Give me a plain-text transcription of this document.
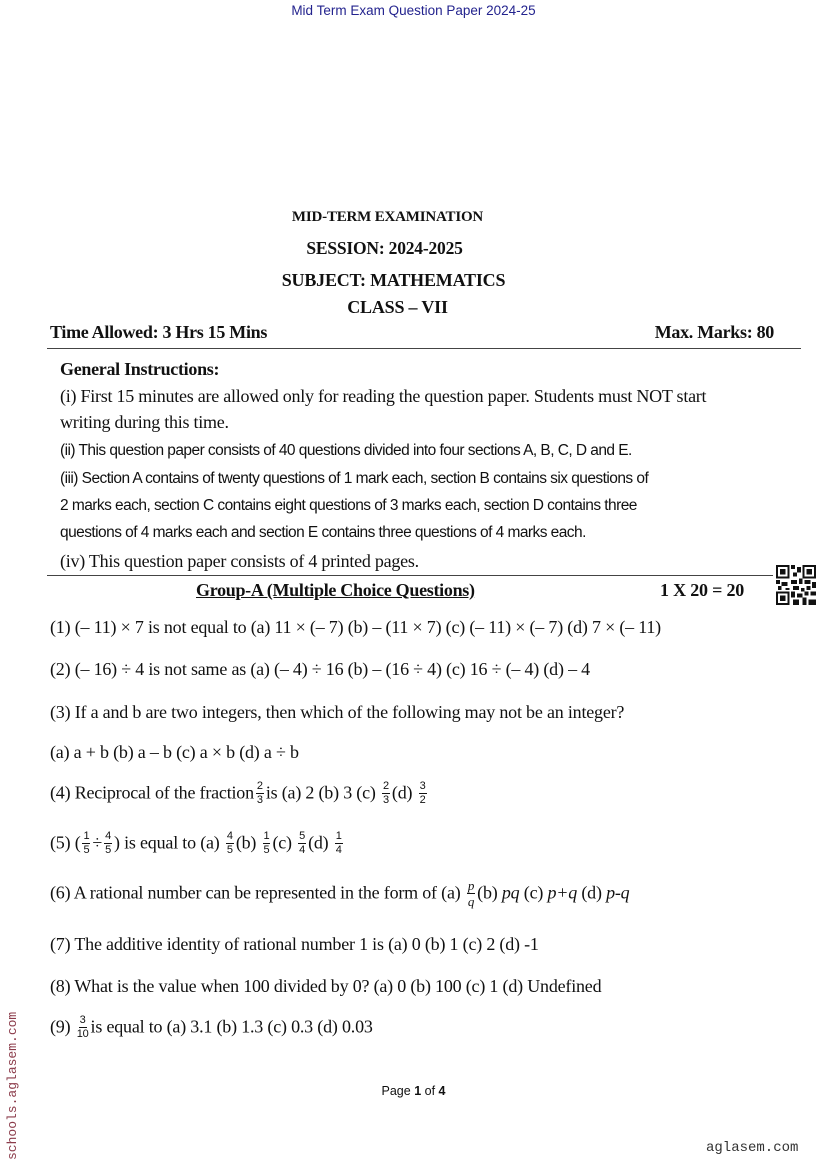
Mid Term Exam Question Paper 2024-25
MID-TERM EXAMINATION
SESSION: 2024-2025
SUBJECT: MATHEMATICS
CLASS – VII
Time Allowed: 3 Hrs 15 Mins	Max. Marks: 80
General Instructions:
(i) First 15 minutes are allowed only for reading the question paper. Students must NOT start
writing during this time.
(ii) This question paper consists of 40 questions divided into four sections A, B, C, D and E.
(iii) Section A contains of twenty questions of 1 mark each, section B contains six questions of
2 marks each, section C contains eight questions of 3 marks each, section D contains three
questions of 4 marks each and section E contains three questions of 4 marks each.
(iv) This question paper consists of 4 printed pages.
Group-A (Multiple Choice Questions)	1 X 20 = 20
(1) (– 11) × 7 is not equal to (a) 11 × (– 7) (b) – (11 × 7) (c) (– 11) × (– 7) (d) 7 × (– 11)
(2) (– 16) ÷ 4 is not same as (a) (– 4) ÷ 16 (b) – (16 ÷ 4) (c) 16 ÷ (– 4) (d) – 4
(3) If a and b are two integers, then which of the following may not be an integer?
(a) a + b (b) a – b (c) a × b (d) a ÷ b
(4) Reciprocal of the fraction $\frac{2}{3}$ is (a) 2 (b) 3 $(c) \frac{2}{3} (d) \frac{3}{2}$
(5) ( $\frac{1}{5} \div \frac{4}{5}$ ) is equal to $(a) \frac{4}{5} (b) \frac{1}{5} (c) \frac{5}{4} (d) \frac{1}{4}$
(6) A rational number can be represented in the form of $(a) \frac{p}{q} (b)$ pq (c) p+q (d) p-q
(7) The additive identity of rational number 1 is (a) 0 (b) 1 (c) 2 (d) -1
(8) What is the value when 100 divided by 0? (a) 0 (b) 100 (c) 1 (d) Undefined
$(9) \frac{3}{10}$ is equal to (a) 3.1 (b) 1.3 (c) 0.3 (d) 0.03
Page 1 of 4
schools.aglasem.com	aglasem.com
